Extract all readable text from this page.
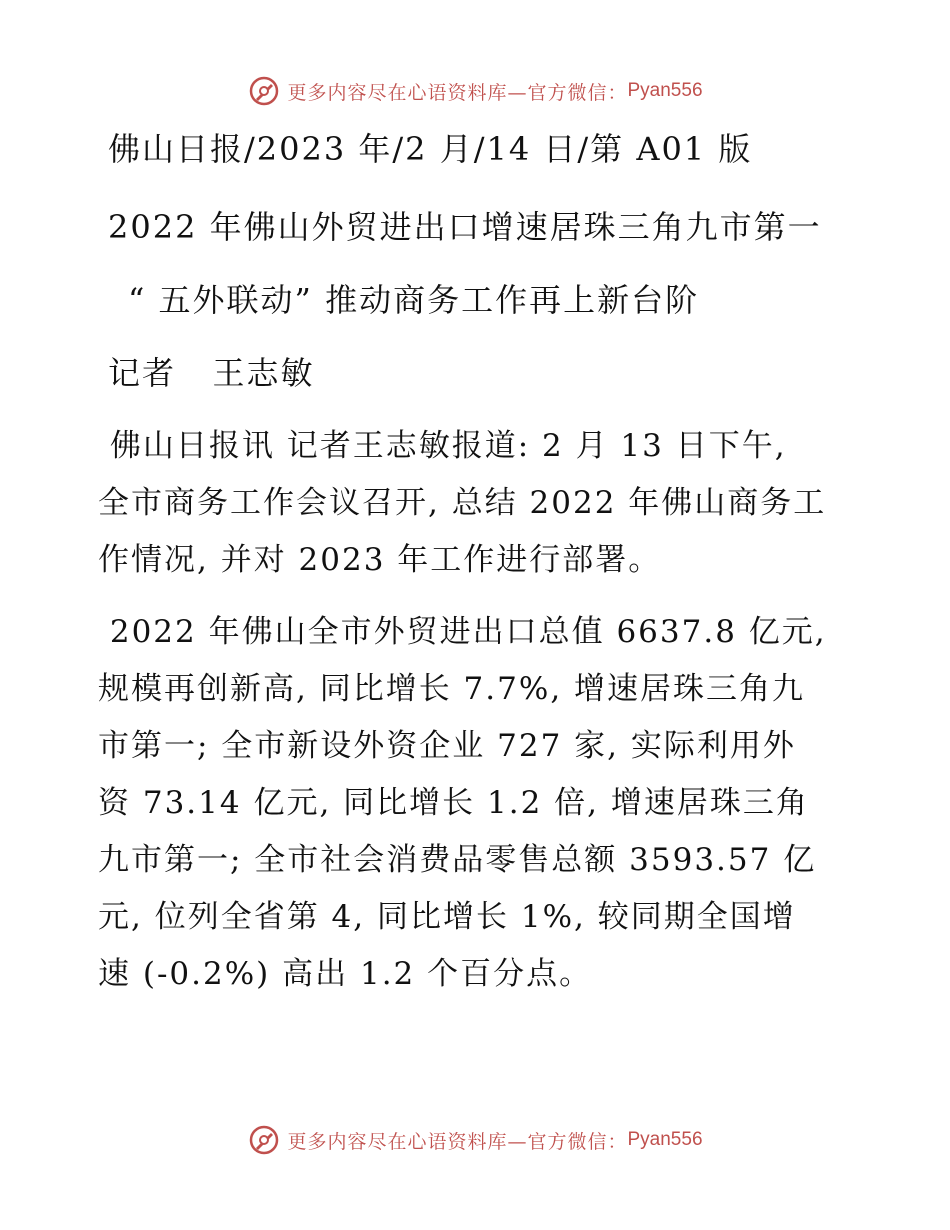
更多内容尽在心语资料库—官方微信： Pyan556
佛山日报/2023 年/2 月/14 日/第 A01 版
2022 年佛山外贸进出口增速居珠三角九市第一
“ 五外联动” 推动商务工作再上新台阶
记者   王志敏
佛山日报讯 记者王志敏报道: 2 月 13 日下午,
全市商务工作会议召开, 总结 2022 年佛山商务工
作情况, 并对 2023 年工作进行部署。
2022 年佛山全市外贸进出口总值 6637.8 亿元,
规模再创新高, 同比增长 7.7%, 增速居珠三角九
市第一; 全市新设外资企业 727 家, 实际利用外
资 73.14 亿元, 同比增长 1.2 倍, 增速居珠三角
九市第一; 全市社会消费品零售总额 3593.57 亿
元, 位列全省第 4, 同比增长 1%, 较同期全国增
速 (-0.2%) 高出 1.2 个百分点。
更多内容尽在心语资料库—官方微信： Pyan556
